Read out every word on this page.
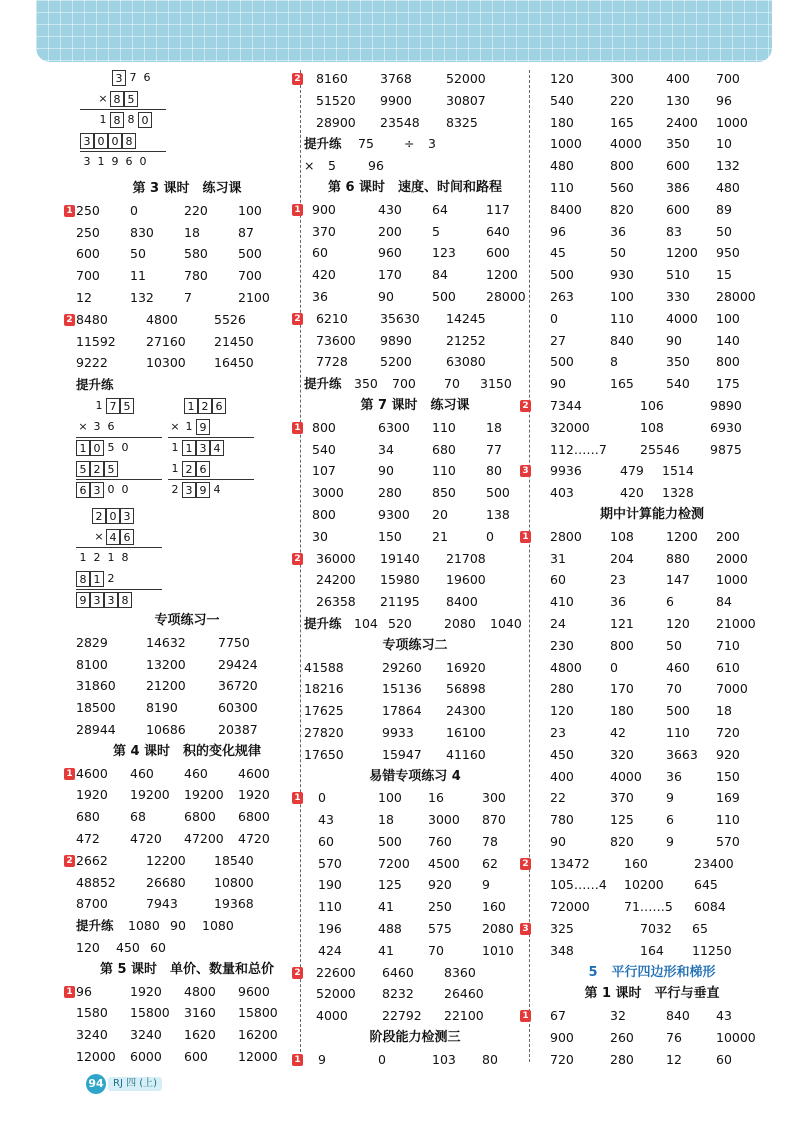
3 7 6
× 8 5
1 8 8 0
3 0 0 8
3 1 9 6 0
第 3 课时　练习课
1 250 0	220 100
250 830 18	87
600 50	580 500
700 11	780 700
12	132 7	2100
2 8480	4800	5526
11592 27160 21450
9222	10300 16450
提升练
1 7 5
× 3 6
1 0 5 0
5 2 5
6 3 0 0
1 2 6
× 1 9
1 1 3 4
1 2 6
2 3 9 4
2 0 3
× 4 6
1 2 1 8
8 1 2
9 3 3 8
专项练习一
2829	14632	7750
8100	13200	29424
31860 21200	36720
18500 8190	60300
28944 10686	20387
第 4 课时　积的变化规律
1 4600 460 460 4600
1920 19200 19200 1920
680 68	6800 6800
472 4720 47200 4720
2 2662	12200 18540
48852 26680 10800
8700	7943	19368
提升练 1080 90 1080
120 450 60
第 5 课时　单价、数量和总价
1 96	1920 4800 9600
1580 15800 3160 15800
3240 3240 1620 16200
12000 6000 600 12000
2 8160	3768	52000
51520 9900	30807
28900 23548 8325
提升练 75 ÷ 3
× 5	96
第 6 课时　速度、时间和路程
1 900	430 64	117
370	200 5	640
60	960 123 600
420	170 84	1200
36	90	500 28000
2 6210	35630 14245
73600 9890	21252
7728	5200	63080
提升练 350 700 70 3150
第 7 课时　练习课
1 800	6300 110 18
540	34	680 77
107	90	110 80
3000	280 850 500
800	9300 20	138
30	150 21	0
2 36000 19140 21708
24200 15980 19600
26358 21195 8400
提升练 104 520	2080 1040
专项练习二
41588	29260 16920
18216	15136 56898
17625	17864 24300
27820	9933	16100
17650	15947 41160
易错专项练习 4
1 0	100 16	300
43	18	3000 870
60	500 760 78
570	7200 4500 62
190	125 920 9
110	41	250 160
196	488 575 2080
424	41	70	1010
2 22600 6460 8360
52000 8232 26460
4000	22792 22100
阶段能力检测三
1 9	0	103 80
120	300	400 700
540	220	130 96
180	165	2400 1000
1000 4000 350 10
480	800	600 132
110	560	386 480
8400 820	600 89
96	36	83	50
45	50	1200 950
500	930	510 15
263	100	330 28000
0	110	4000 100
27	840	90	140
500	8	350 800
90	165	540 175
2 7344	106	9890
32000	108	6930
112……7	25546 9875
3 9936	479 1514
403	420 1328
期中计算能力检测
1 2800 108	1200 200
31	204	880 2000
60	23	147 1000
410	36	6	84
24	121	120 21000
230	800	50	710
4800 0	460 610
280	170	70	7000
120	180	500 18
23	42	110 720
450	320	3663 920
400	4000 36	150
22	370	9	169
780	125	6	110
90	820	9	570
2 13472	160	23400
105……4 10200 645
72000	71……5 6084
3 325	7032 65
348	164 11250
5 平行四边形和梯形
第 1 课时　平行与垂直
1 67	32	840 43
900	260	76	10000
720	280	12	60
94 RJ 四 (上)
